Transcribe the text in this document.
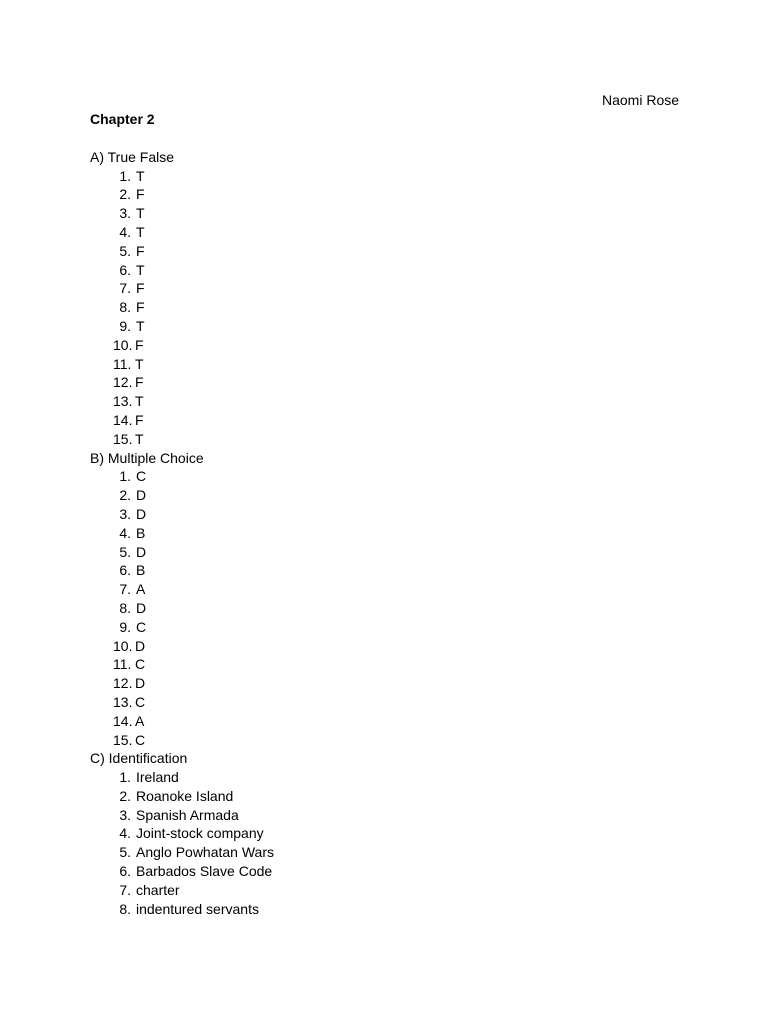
Naomi Rose
Chapter 2
A) True False
1. T
2. F
3. T
4. T
5. F
6. T
7. F
8. F
9. T
10. F
11. T
12. F
13. T
14. F
15. T
B) Multiple Choice
1. C
2. D
3. D
4. B
5. D
6. B
7. A
8. D
9. C
10. D
11. C
12. D
13. C
14. A
15. C
C) Identification
1. Ireland
2. Roanoke Island
3. Spanish Armada
4. Joint-stock company
5. Anglo Powhatan Wars
6. Barbados Slave Code
7. charter
8. indentured servants
